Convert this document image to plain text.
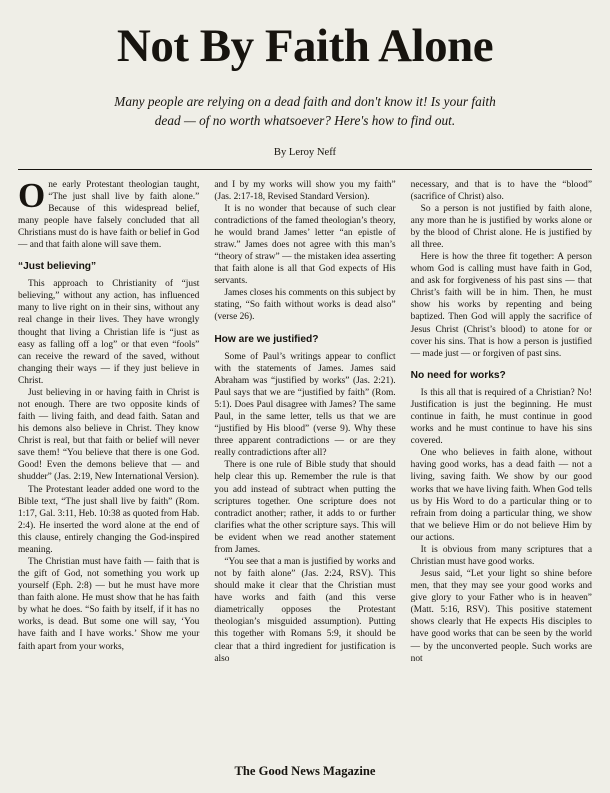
Not By Faith Alone

Many people are relying on a dead faith and don't know it! Is your faith dead — of no worth whatsoever? Here's how to find out.

By Leroy Neff

One early Protestant theologian taught, “The just shall live by faith alone.” Because of this widespread belief, many people have falsely concluded that all Christians must do is have faith or belief in God — and that faith alone will save them.

“Just believing”

This approach to Christianity of “just believing,” without any action, has influenced many to live right on in their sins, without any real change in their lives. They have wrongly thought that living a Christian life is “just as easy as falling off a log” or that even “fools” can receive the reward of the saved, without changing their ways — if they just believe in Christ.

Just believing in or having faith in Christ is not enough. There are two opposite kinds of faith — living faith, and dead faith. Satan and his demons also believe in Christ. They know Christ is real, but that faith or belief will never save them! “You believe that there is one God. Good! Even the demons believe that — and shudder” (Jas. 2:19, New International Version).

The Protestant leader added one word to the Bible text, “The just shall live by faith” (Rom. 1:17, Gal. 3:11, Heb. 10:38 as quoted from Hab. 2:4). He inserted the word alone at the end of this clause, entirely changing the God-inspired meaning.

The Christian must have faith — faith that is the gift of God, not something you work up yourself (Eph. 2:8) — but he must have more than faith alone. He must show that he has faith by what he does. “So faith by itself, if it has no works, is dead. But some one will say, ‘You have faith and I have works.’ Show me your faith apart from your works,

and I by my works will show you my faith” (Jas. 2:17-18, Revised Standard Version).

It is no wonder that because of such clear contradictions of the famed theologian’s theory, he would brand James’ letter “an epistle of straw.” James does not agree with this man’s “theory of straw” — the mistaken idea asserting that faith alone is all that God expects of His servants.

James closes his comments on this subject by stating, “So faith without works is dead also” (verse 26).

How are we justified?

Some of Paul’s writings appear to conflict with the statements of James. James said Abraham was “justified by works” (Jas. 2:21). Paul says that we are “justified by faith” (Rom. 5:1). Does Paul disagree with James? The same Paul, in the same letter, tells us that we are “justified by His blood” (verse 9). Why these three apparent contradictions — or are they really contradictions after all?

There is one rule of Bible study that should help clear this up. Remember the rule is that you add instead of subtract when putting the scriptures together. One scripture does not contradict another; rather, it adds to or further clarifies what the other scripture says. This will be evident when we read another statement from James.

“You see that a man is justified by works and not by faith alone” (Jas. 2:24, RSV). This should make it clear that the Christian must have works and faith (and this verse diametrically opposes the Protestant theologian’s misguided assumption). Putting this together with Romans 5:9, it should be clear that a third ingredient for justification is also

necessary, and that is to have the “blood” (sacrifice of Christ) also.

So a person is not justified by faith alone, any more than he is justified by works alone or by the blood of Christ alone. He is justified by all three.

Here is how the three fit together: A person whom God is calling must have faith in God, and ask for forgiveness of his past sins — that Christ’s faith will be in him. Then, he must show his works by repenting and being baptized. Then God will apply the sacrifice of Jesus Christ (Christ’s blood) to atone for or cover his sins. That is how a person is justified — made just — or forgiven of past sins.

No need for works?

Is this all that is required of a Christian? No! Justification is just the beginning. He must continue in faith, he must continue in good works and he must continue to have his sins covered.

One who believes in faith alone, without having good works, has a dead faith — not a living, saving faith. We show by our good works that we have living faith. When God tells us by His Word to do a particular thing or to refrain from doing a particular thing, we show that we believe Him or do not believe Him by our actions.

It is obvious from many scriptures that a Christian must have good works.

Jesus said, “Let your light so shine before men, that they may see your good works and give glory to your Father who is in heaven” (Matt. 5:16, RSV). This positive statement shows clearly that He expects His disciples to have good works that can be seen by the world — by the unconverted people. Such works are not

The Good News Magazine
